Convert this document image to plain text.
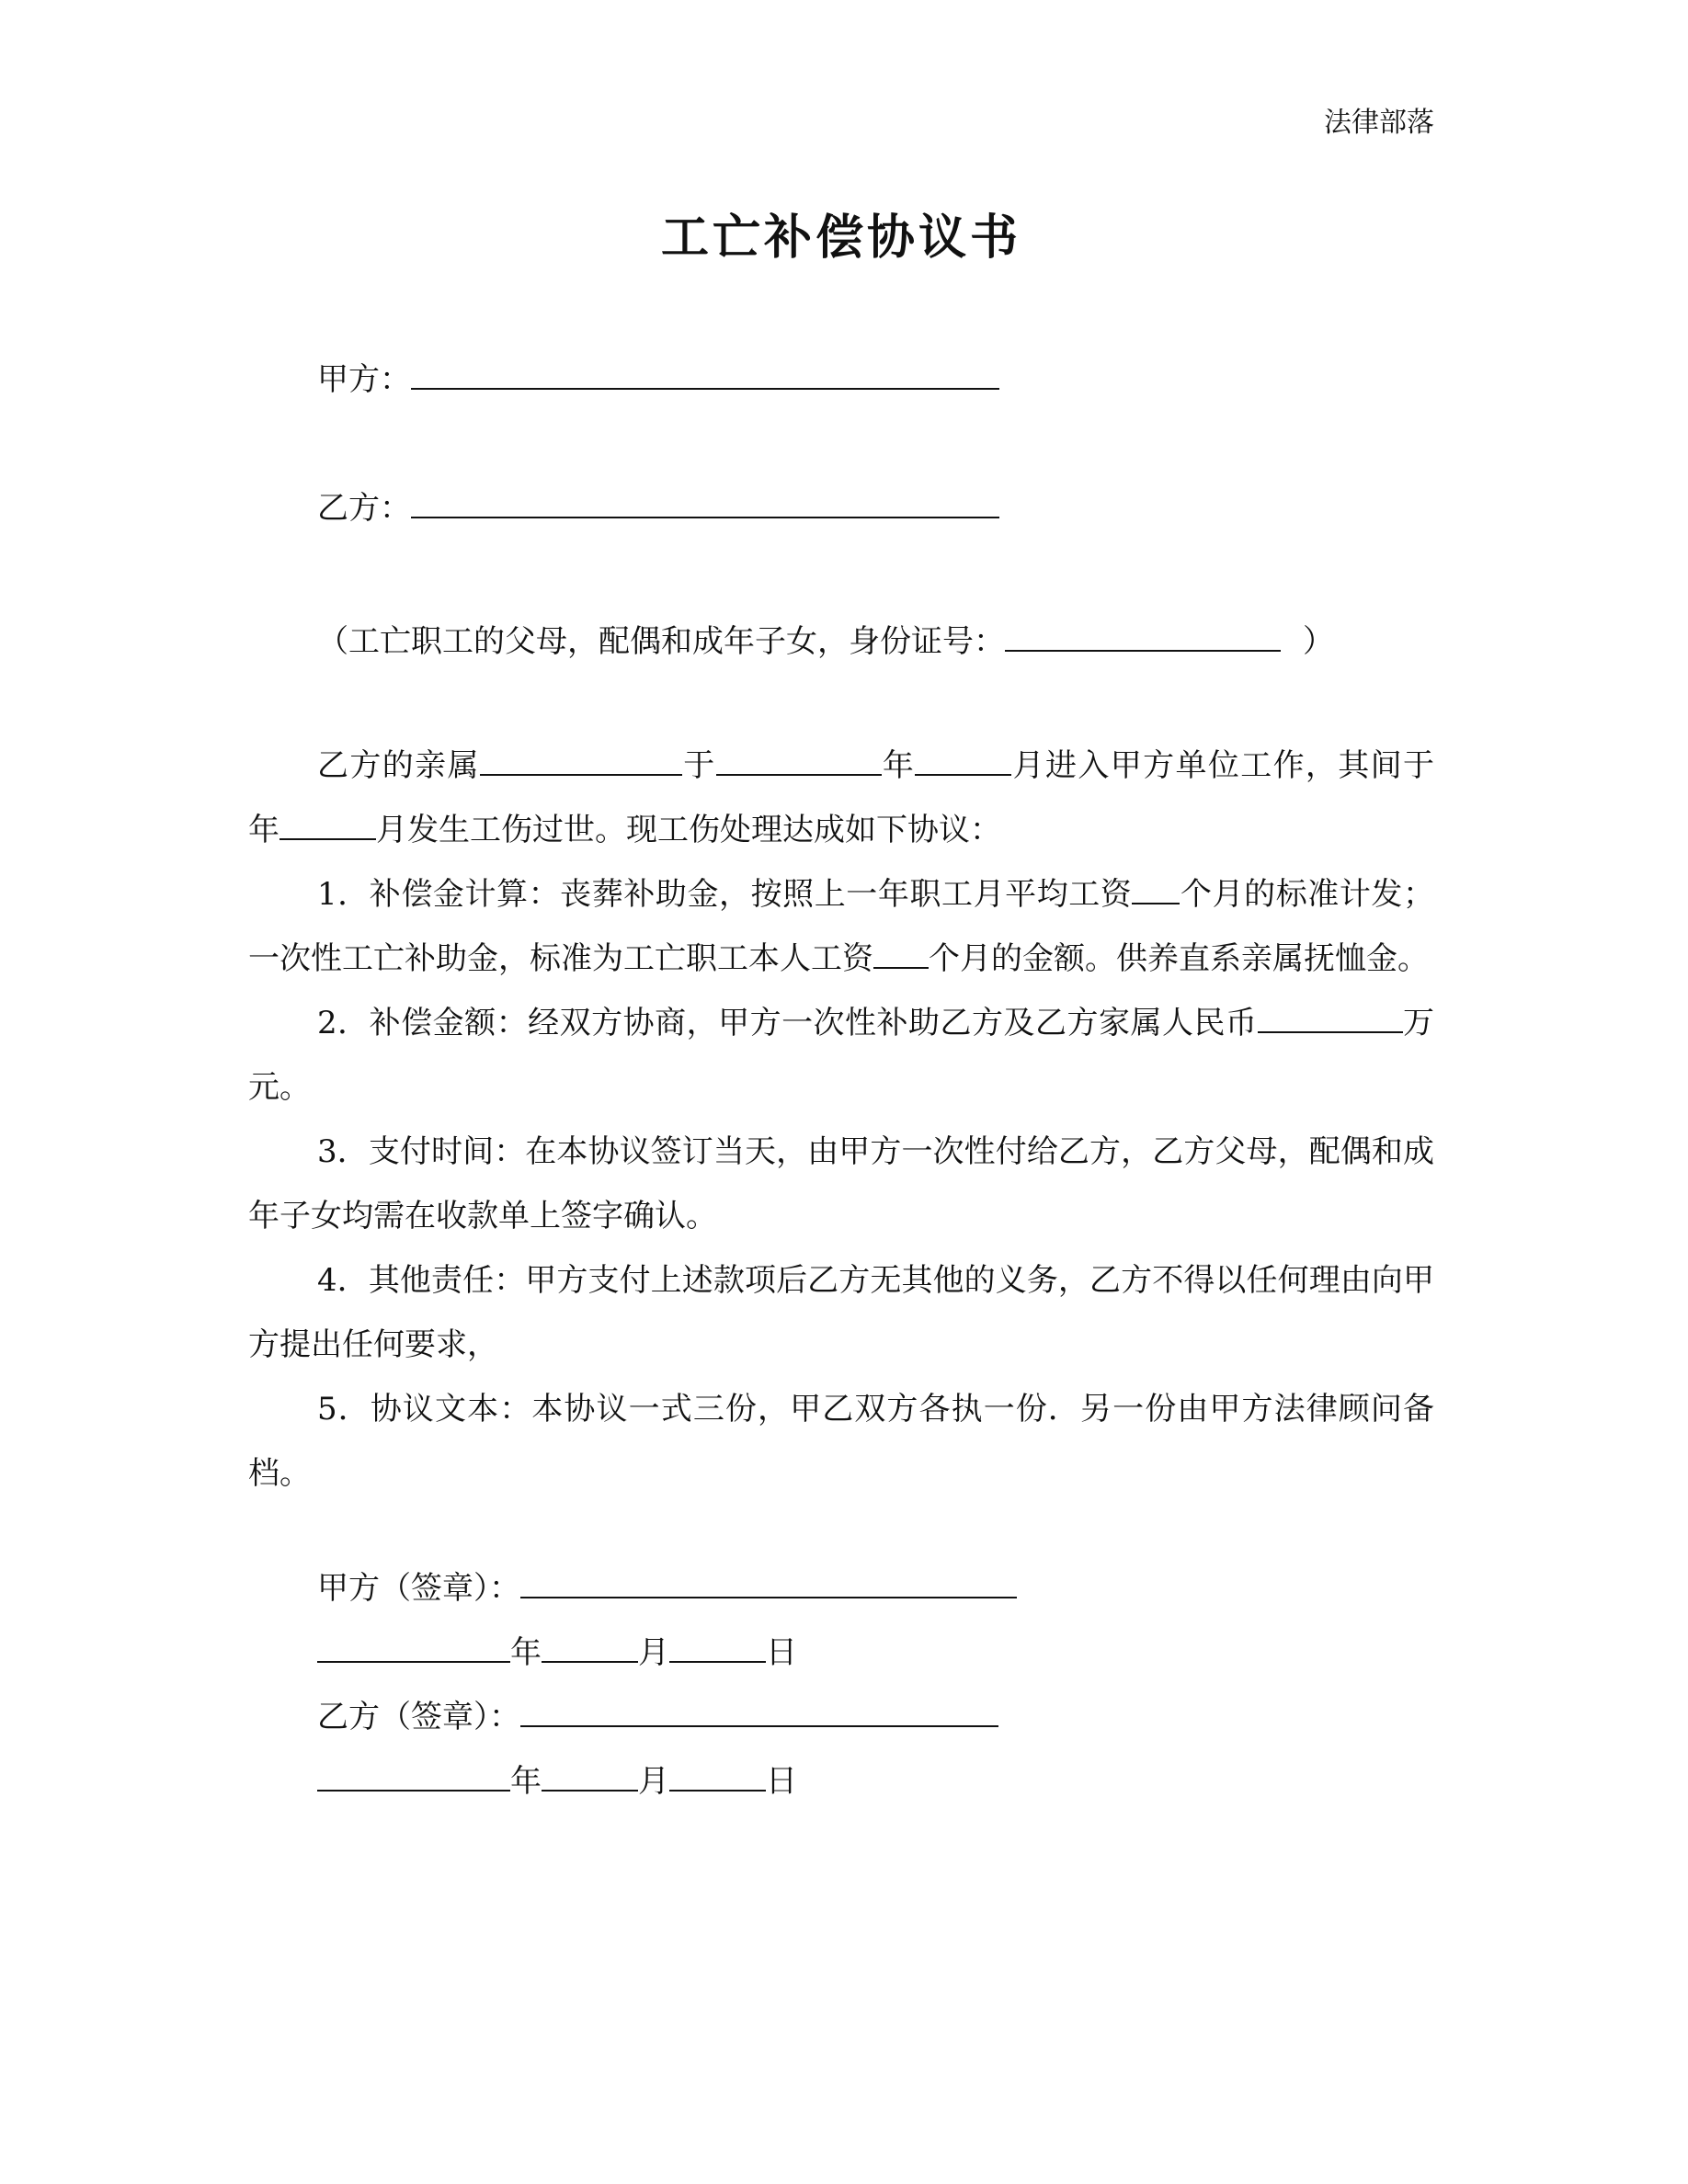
法律部落
工亡补偿协议书
甲方：
乙方：
（工亡职工的父母，配偶和成年子女，身份证号：	）

乙方的亲属	于	年	月进入甲方单位工作，其间于年	月发生工伤过世。现工伤处理达成如下协议：

1．补偿金计算：丧葬补助金，按照上一年职工月平均工资 个月的标准计发；一次性工亡补助金，标准为工亡职工本人工资 个月的金额。供养直系亲属抚恤金。

2．补偿金额：经双方协商，甲方一次性补助乙方及乙方家属人民币	万元。

3．支付时间：在本协议签订当天，由甲方一次性付给乙方，乙方父母，配偶和成年子女均需在收款单上签字确认。

4．其他责任：甲方支付上述款项后乙方无其他的义务，乙方不得以任何理由向甲方提出任何要求，

5．协议文本：本协议一式三份，甲乙双方各执一份．另一份由甲方法律顾问备档。

甲方（签章）：
年	月	日
乙方（签章）：
年	月	日
